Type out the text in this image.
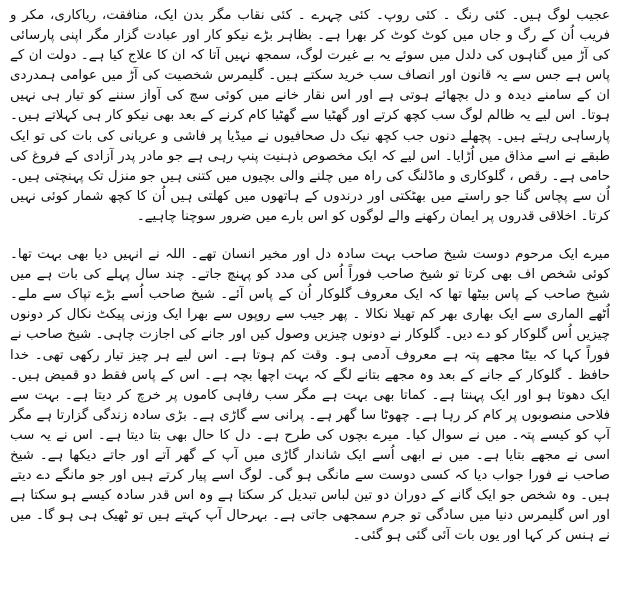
عجیب لوگ ہیں۔ کئی رنگ ۔ کئی روپ۔ کئی چہرے ۔ کئی نقاب مگر بدن ایک، منافقت، ریاکاری، مکر و فریب اُن کے رگ و جاں میں کوٹ کوٹ کر بھرا ہے۔ بظاہر بڑے نیکو کار اور عبادت گزار مگر اپنی پارسائی کی آڑ میں گناہوں کی دلدل میں سوئے یہ بے غیرت لوگ، سمجھ نہیں آتا کہ ان کا علاج کیا ہے۔ دولت ان کے پاس ہے جس سے یہ قانون اور انصاف سب خرید سکتے ہیں۔ گلیمرس شخصیت کی آڑ میں عوامی ہمدردی ان کے سامنے دیدہ و دل بچھائے ہوتی ہے اور اس نقار خانے میں کوئی سچ کی آواز سننے کو تیار ہی نہیں ہوتا۔ اس لیے یہ ظالم لوگ سب کچھ کرتے اور گھٹیا سے گھٹیا کام کرنے کے بعد بھی نیکو کار ہی کہلاتے ہیں۔ پارساہی رہتے ہیں۔ پچھلے دنوں جب کچھ نیک دل صحافیوں نے میڈیا پر فاشی و عریانی کی بات کی تو ایک طبقے نے اسے مذاق میں اُڑایا۔ اس لیے کہ ایک مخصوص ذہنیت پنپ رہی ہے جو مادر پدر آزادی کے فروغ کی حامی ہے۔ رقص ، گلوکاری و ماڈلنگ کی راہ میں چلنے والی بچیوں میں کتنی ہیں جو منزل تک پہنچتی ہیں۔ اُن سے پچاس گنا جو راستے میں بھٹکتی اور درندوں کے ہاتھوں میں کھلتی ہیں اُن کا کچھ شمار کوئی نہیں کرتا۔ اخلاقی قدروں پر ایمان رکھنے والے لوگوں کو اس بارے میں ضرور سوچنا چاہیے۔

میرے ایک مرحوم دوست شیخ صاحب بہت سادہ دل اور مخیر انسان تھے۔ اللہ نے انہیں دیا بھی بہت تھا۔ کوئی شخص اف بھی کرتا تو شیخ صاحب فوراً اُس کی مدد کو پہنچ جاتے۔ چند سال پہلے کی بات ہے میں شیخ صاحب کے پاس بیٹھا تھا کہ ایک معروف گلوکار اُن کے پاس آئے۔ شیخ صاحب اُسے بڑے تپاک سے ملے۔ اُٹھے الماری سے ایک بھاری بھر کم تھیلا نکالا ۔ پھر جیب سے روپوں سے بھرا ایک وزنی پیکٹ نکال کر دونوں چیزیں اُس گلوکار کو دے دیں۔ گلوکار نے دونوں چیزیں وصول کیں اور جانے کی اجازت چاہی۔ شیخ صاحب نے فوراً کہا کہ بیٹا مجھے پتہ ہے معروف آدمی ہو۔ وقت کم ہوتا ہے۔ اس لیے ہر چیز تیار رکھی تھی۔ خدا حافظ ۔ گلوکار کے جانے کے بعد وہ مجھے بتانے لگے کہ بہت اچھا بچہ ہے۔ اس کے پاس فقط دو قمیض ہیں۔ ایک دھوتا ہو اور ایک پہنتا ہے۔ کماتا بھی بہت ہے مگر سب رفاہی کاموں پر خرچ کر دیتا ہے۔ بہت سے فلاحی منصوبوں پر کام کر رہا ہے۔ چھوٹا سا گھر ہے۔ پرانی سے گاڑی ہے۔ بڑی سادہ زندگی گزارتا ہے مگر آپ کو کیسے پتہ۔ میں نے سوال کیا۔ میرے بچوں کی طرح ہے۔ دل کا حال بھی بتا دیتا ہے۔ اس نے یہ سب اسی نے مجھے بتایا ہے۔ میں نے ابھی اُسے ایک شاندار گاڑی میں آپ کے گھر آتے اور جاتے دیکھا ہے۔ شیخ صاحب نے فورا جواب دیا کہ کسی دوست سے مانگی ہو گی۔ لوگ اسے پیار کرتے ہیں اور جو مانگے دے دیتے ہیں۔ وہ شخص جو ایک گانے کے دوران دو تین لباس تبدیل کر سکتا ہے وہ اس قدر سادہ کیسے ہو سکتا ہے اور اس گلیمرس دنیا میں سادگی تو جرم سمجھی جاتی ہے۔ بہرحال آپ کہتے ہیں تو ٹھیک ہی ہو گا۔ میں نے ہنس کر کہا اور یوں بات آئی گئی ہو گئی۔
